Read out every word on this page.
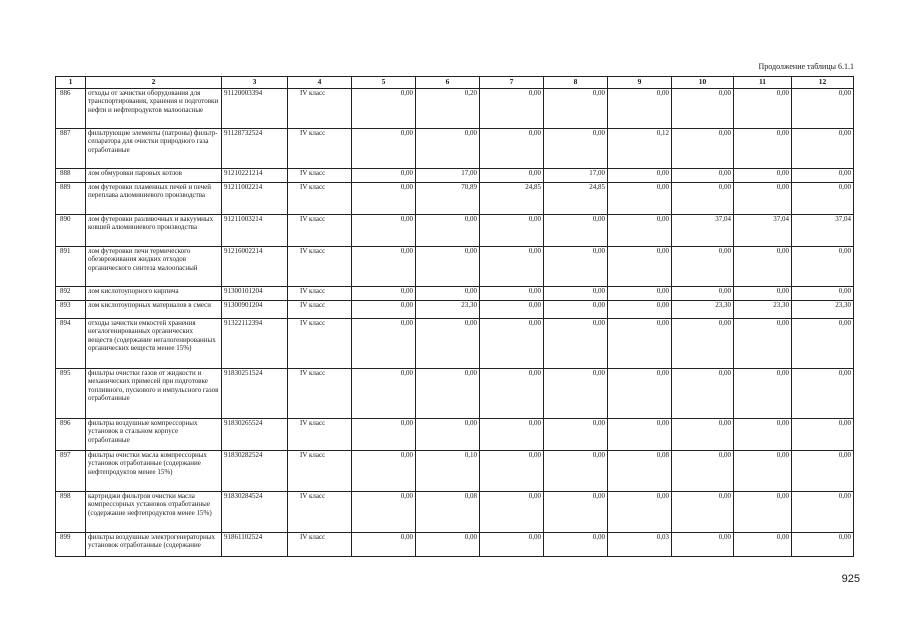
Продолжение таблицы 6.1.1
1	2	3	4	5	6	7	8	9	10	11	12
886	отходы от зачистки оборудования для транспортирования, хранения и подготовки нефти и нефтепродуктов малоопасные	91120003394	IV класс	0,00	0,20	0,00	0,00	0,00	0,00	0,00	0,00
887	фильтрующие элементы (патроны) фильтр-сепаратора для очистки природного газа отработанные	91128732524	IV класс	0,00	0,00	0,00	0,00	0,12	0,00	0,00	0,00
888	лом обмуровки паровых котлов	91210221214	IV класс	0,00	17,00	0,00	17,00	0,00	0,00	0,00	0,00
889	лом футеровки пламенных печей и печей переплава алюминиевого производства	91211002214	IV класс	0,00	70,89	24,85	24,85	0,00	0,00	0,00	0,00
890	лом футеровки разливочных и вакуумных ковшей алюминиевого производства	91211003214	IV класс	0,00	0,00	0,00	0,00	0,00	37,04	37,04	37,04
891	лом футеровки печи термического обезвреживания жидких отходов органического синтеза малоопасный	91216002214	IV класс	0,00	0,00	0,00	0,00	0,00	0,00	0,00	0,00
892	лом кислотоупорного кирпича	91300101204	IV класс	0,00	0,00	0,00	0,00	0,00	0,00	0,00	0,00
893	лом кислотоупорных материалов в смеси	91300901204	IV класс	0,00	23,30	0,00	0,00	0,00	23,30	23,30	23,30
894	отходы зачистки емкостей хранения негалогенированных органических веществ (содержание негалогенированных органических веществ менее 15%)	91322112394	IV класс	0,00	0,00	0,00	0,00	0,00	0,00	0,00	0,00
895	фильтры очистки газов от жидкости и механических примесей при подготовке топливного, пускового и импульсного газов отработанные	91830251524	IV класс	0,00	0,00	0,00	0,00	0,00	0,00	0,00	0,00
896	фильтры воздушные компрессорных установок в стальном корпусе отработанные	91830265524	IV класс	0,00	0,00	0,00	0,00	0,00	0,00	0,00	0,00
897	фильтры очистки масла компрессорных установок отработанные (содержание нефтепродуктов менее 15%)	91830282524	IV класс	0,00	0,10	0,00	0,00	0,08	0,00	0,00	0,00
898	картриджи фильтров очистки масла компрессорных установок отработанные (содержание нефтепродуктов менее 15%)	91830284524	IV класс	0,00	0,08	0,00	0,00	0,00	0,00	0,00	0,00
899	фильтры воздушные электрогенераторных установок отработанные (содержание	91861102524	IV класс	0,00	0,00	0,00	0,00	0,03	0,00	0,00	0,00
925
